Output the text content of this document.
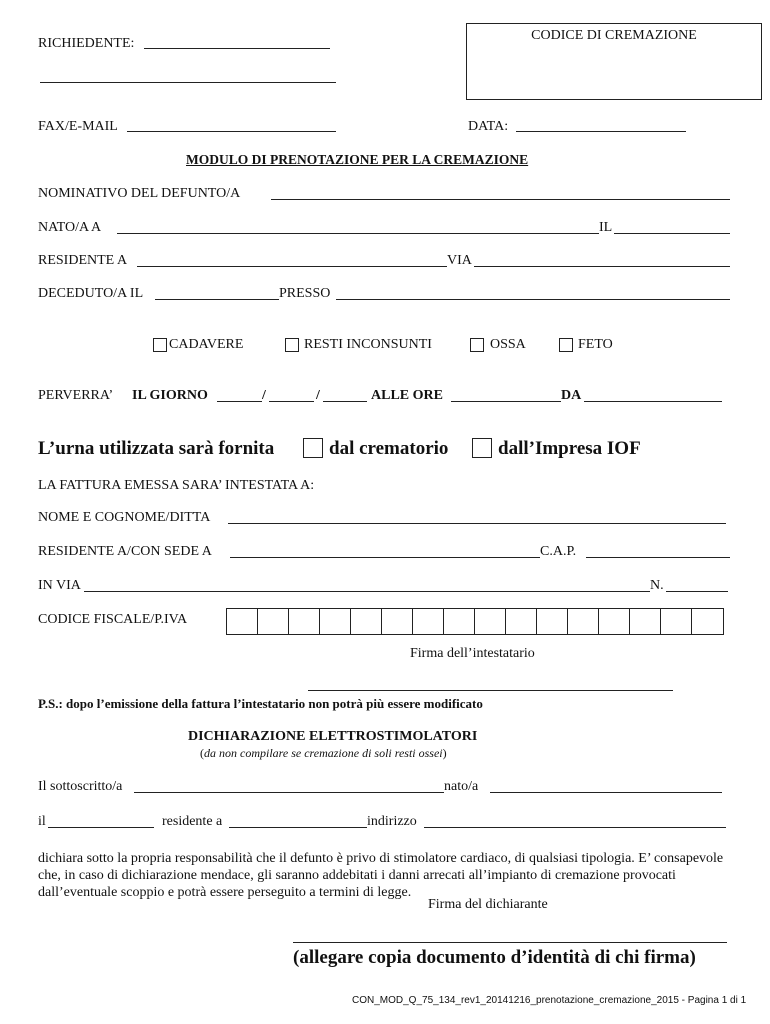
RICHIEDENTE:
CODICE DI CREMAZIONE
FAX/E-MAIL	DATA:
MODULO DI PRENOTAZIONE PER LA CREMAZIONE
NOMINATIVO DEL DEFUNTO/A
NATO/A A	IL
RESIDENTE A	VIA
DECEDUTO/A IL	PRESSO
CADAVERE	RESTI INCONSUNTI	OSSA	FETO
PERVERRA’ IL GIORNO	/	/	ALLE ORE	DA
L’urna utilizzata sarà fornita	dal crematorio	dall’Impresa IOF
LA FATTURA EMESSA SARA’ INTESTATA A:
NOME E COGNOME/DITTA
RESIDENTE A/CON SEDE A	C.A.P.
IN VIA	N.
CODICE FISCALE/P.IVA
Firma dell’intestatario
P.S.: dopo l’emissione della fattura l’intestatario non potrà più essere modificato
DICHIARAZIONE ELETTROSTIMOLATORI
(da non compilare se cremazione di soli resti ossei)
Il sottoscritto/a	nato/a
il	residente a	indirizzo
dichiara sotto la propria responsabilità che il defunto è privo di stimolatore cardiaco, di qualsiasi tipologia. E’ consapevole che, in caso di dichiarazione mendace, gli saranno addebitati i danni arrecati all’impianto di cremazione provocati dall’eventuale scoppio e potrà essere perseguito a termini di legge.
Firma del dichiarante
(allegare copia documento d’identità di chi firma)
CON_MOD_Q_75_134_rev1_20141216_prenotazione_cremazione_2015 - Pagina 1 di 1
